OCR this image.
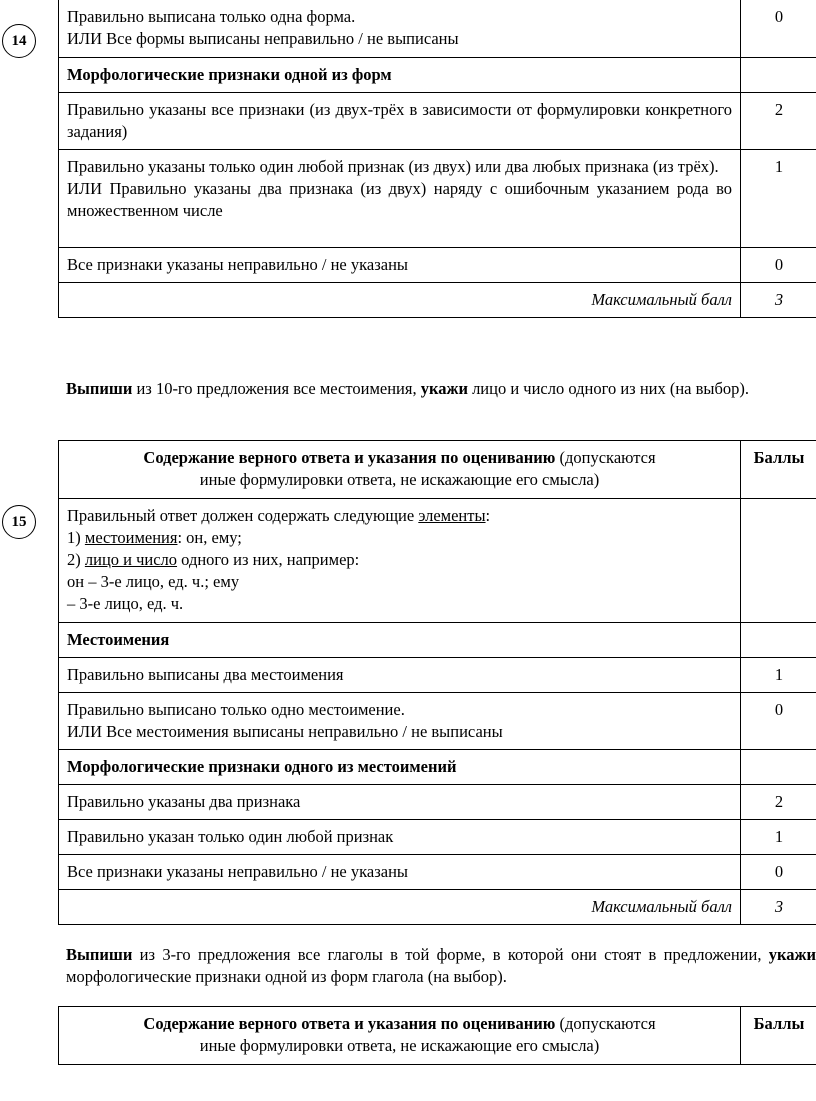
14
Правильно выписана только одна форма.
ИЛИ Все формы выписаны неправильно / не выписаны	0
Морфологические признаки одной из форм	
Правильно указаны все признаки (из двух-трёх в зависимости от формулировки конкретного задания)	2

Правильно указаны только один любой признак (из двух) или два любых признака (из трёх).
ИЛИ Правильно указаны два признака (из двух) наряду с ошибочным указанием рода во множественном числе	1
Все признаки указаны неправильно / не указаны	0
Максимальный балл	3
Выпиши из 10-го предложения все местоимения, укажи лицо и число одного из них (на выбор).
15
Содержание верного ответа и указания по оцениванию (допускаются
иные формулировки ответа, не искажающие его смысла)	Баллы

Правильный ответ должен содержать следующие элементы:
1) местоимения: он, ему;
2) лицо и число одного из них, например:
он – 3-е лицо, ед. ч.; ему
– 3-е лицо, ед. ч.	

Местоимения	
Правильно выписаны два местоимения	1

Правильно выписано только одно местоимение.
ИЛИ Все местоимения выписаны неправильно / не выписаны	0
Морфологические признаки одного из местоимений	
Правильно указаны два признака	2
Правильно указан только один любой признак	1
Все признаки указаны неправильно / не указаны	0
Максимальный балл	3
Выпиши из 3-го предложения все глаголы в той форме, в которой они стоят в предложении, укажи морфологические признаки одной из форм глагола (на выбор).
Содержание верного ответа и указания по оцениванию (допускаются
иные формулировки ответа, не искажающие его смысла)
	Баллы
